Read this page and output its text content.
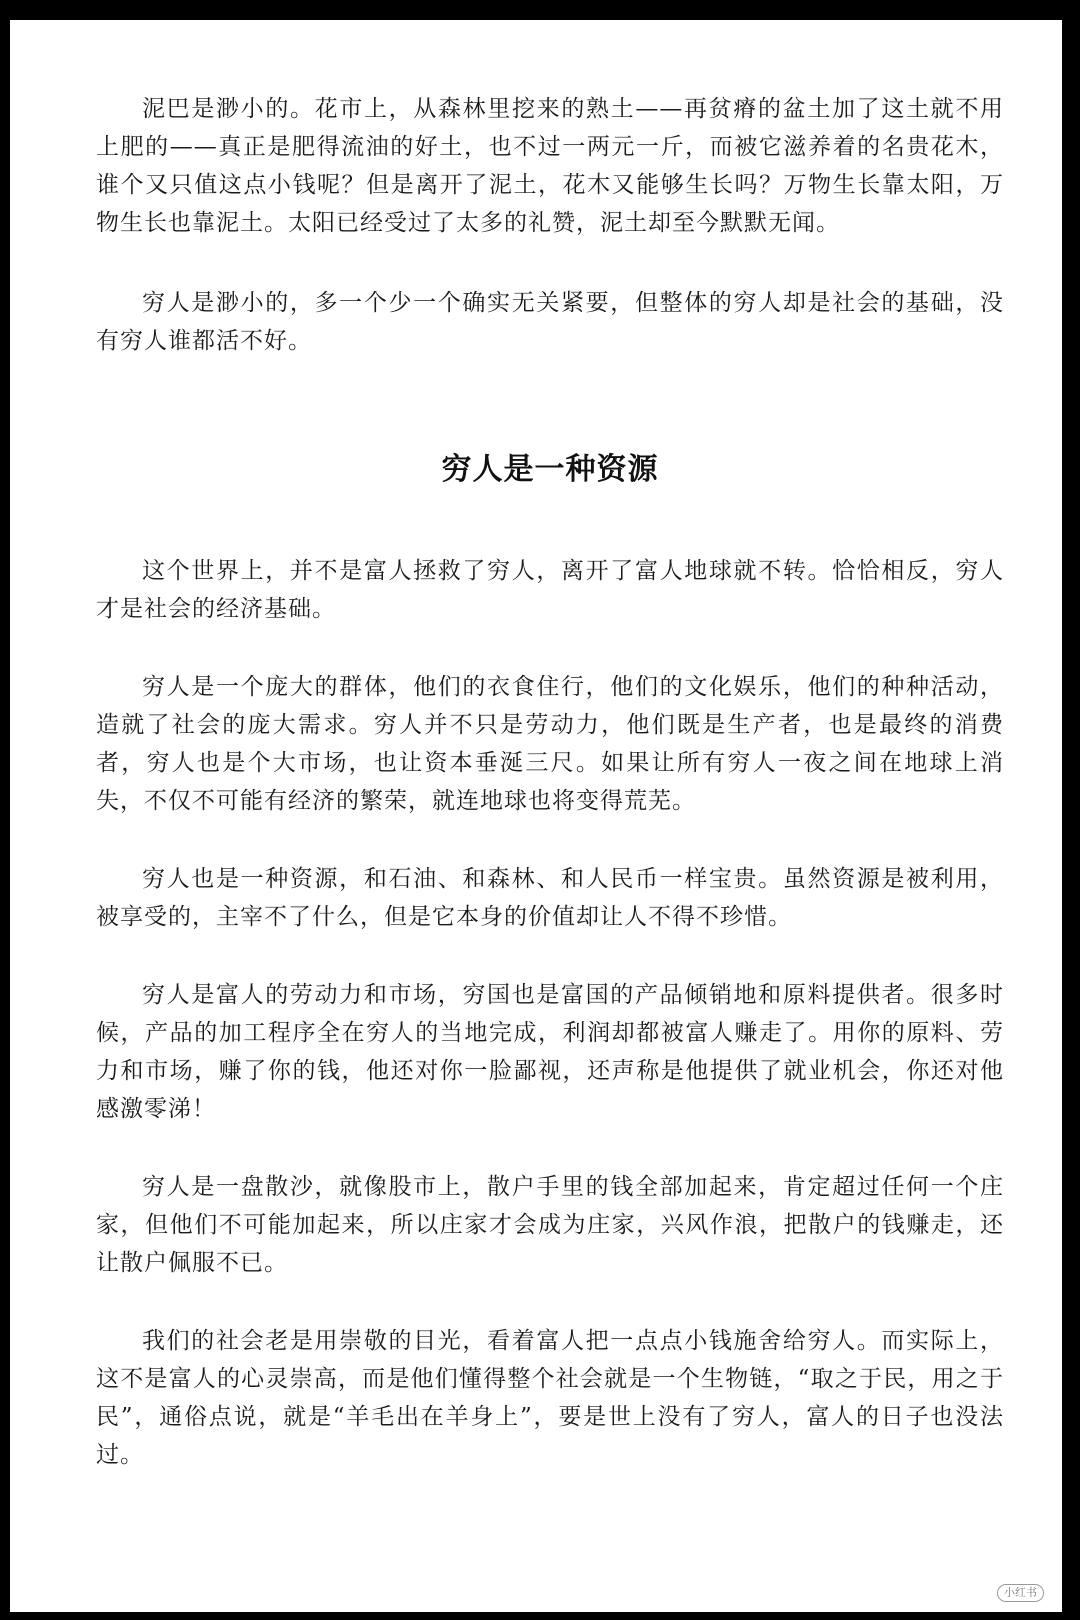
泥巴是渺小的。花市上，从森林里挖来的熟土——再贫瘠的盆土加了这土就不用上肥的——真正是肥得流油的好土，也不过一两元一斤，而被它滋养着的名贵花木，谁个又只值这点小钱呢？但是离开了泥土，花木又能够生长吗？万物生长靠太阳，万物生长也靠泥土。太阳已经受过了太多的礼赞，泥土却至今默默无闻。

穷人是渺小的，多一个少一个确实无关紧要，但整体的穷人却是社会的基础，没有穷人谁都活不好。

穷人是一种资源

这个世界上，并不是富人拯救了穷人，离开了富人地球就不转。恰恰相反，穷人才是社会的经济基础。

穷人是一个庞大的群体，他们的衣食住行，他们的文化娱乐，他们的种种活动，造就了社会的庞大需求。穷人并不只是劳动力，他们既是生产者，也是最终的消费者，穷人也是个大市场，也让资本垂涎三尺。如果让所有穷人一夜之间在地球上消失，不仅不可能有经济的繁荣，就连地球也将变得荒芜。

穷人也是一种资源，和石油、和森林、和人民币一样宝贵。虽然资源是被利用，被享受的，主宰不了什么，但是它本身的价值却让人不得不珍惜。

穷人是富人的劳动力和市场，穷国也是富国的产品倾销地和原料提供者。很多时候，产品的加工程序全在穷人的当地完成，利润却都被富人赚走了。用你的原料、劳力和市场，赚了你的钱，他还对你一脸鄙视，还声称是他提供了就业机会，你还对他感激零涕！

穷人是一盘散沙，就像股市上，散户手里的钱全部加起来，肯定超过任何一个庄家，但他们不可能加起来，所以庄家才会成为庄家，兴风作浪，把散户的钱赚走，还让散户佩服不已。

我们的社会老是用崇敬的目光，看着富人把一点点小钱施舍给穷人。而实际上，这不是富人的心灵崇高，而是他们懂得整个社会就是一个生物链，“取之于民，用之于民”，通俗点说，就是“羊毛出在羊身上”，要是世上没有了穷人，富人的日子也没法过。

小红书
